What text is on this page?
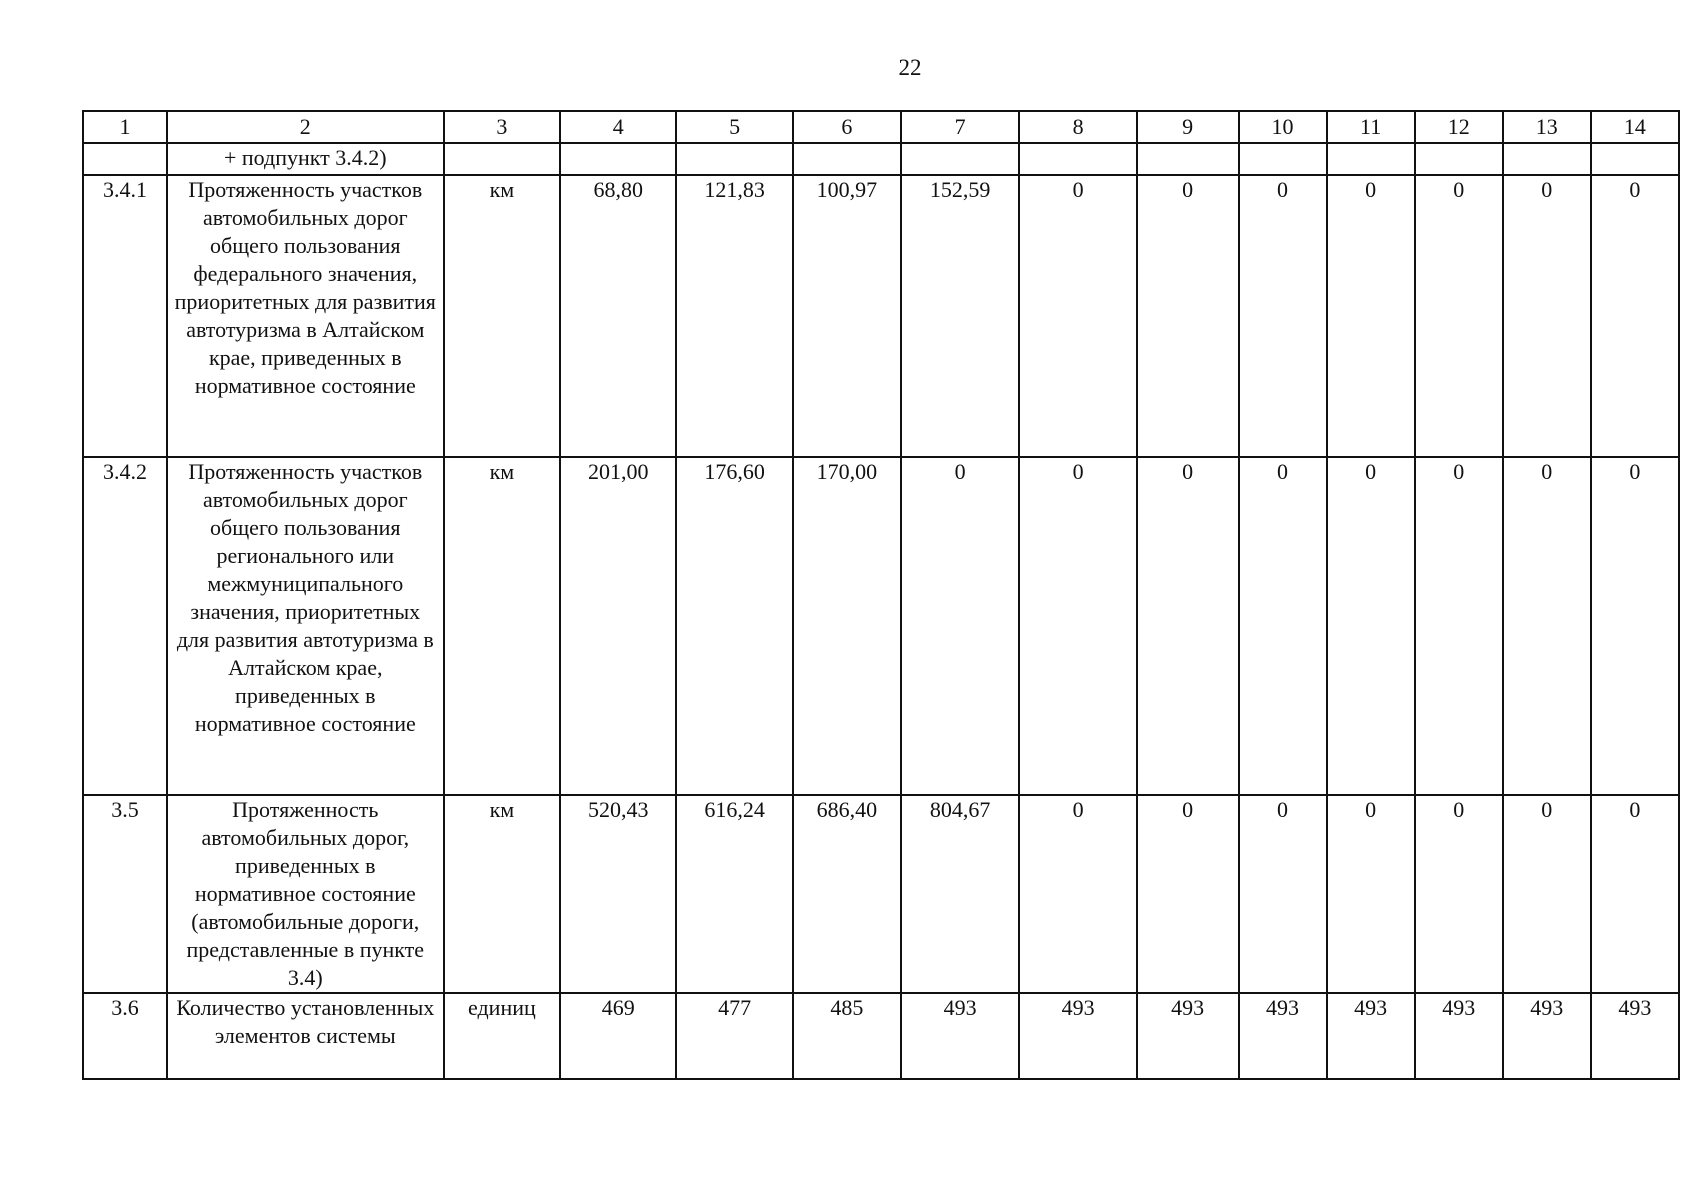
22
1	2	3	4	5	6	7	8	9	10	11	12	13	14
	+ подпункт 3.4.2)												
3.4.1	Протяженность участков автомобильных дорог общего пользования федерального значения, приоритетных для развития автотуризма в Алтайском крае, приведенных в нормативное состояние	км	68,80	121,83	100,97	152,59	0	0	0	0	0	0	0
3.4.2	Протяженность участков автомобильных дорог общего пользования регионального или межмуниципального значения, приоритетных для развития автотуризма в Алтайском крае, приведенных в нормативное состояние	км	201,00	176,60	170,00	0	0	0	0	0	0	0	0
3.5	Протяженность автомобильных дорог, приведенных в нормативное состояние (автомобильные дороги, представленные в пункте 3.4)	км	520,43	616,24	686,40	804,67	0	0	0	0	0	0	0
3.6	Количество установленных элементов системы	единиц	469	477	485	493	493	493	493	493	493	493	493
